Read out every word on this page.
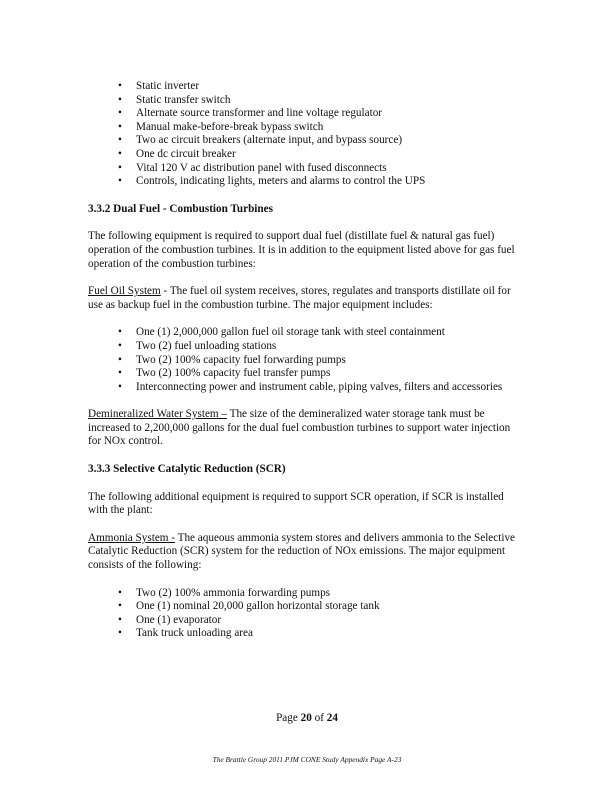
• Static inverter
• Static transfer switch
• Alternate source transformer and line voltage regulator
• Manual make-before-break bypass switch
• Two ac circuit breakers (alternate input, and bypass source)
• One dc circuit breaker
• Vital 120 V ac distribution panel with fused disconnects
• Controls, indicating lights, meters and alarms to control the UPS
3.3.2 Dual Fuel - Combustion Turbines

The following equipment is required to support dual fuel (distillate fuel & natural gas fuel)
operation of the combustion turbines. It is in addition to the equipment listed above for gas fuel
operation of the combustion turbines:

Fuel Oil System - The fuel oil system receives, stores, regulates and transports distillate oil for
use as backup fuel in the combustion turbine. The major equipment includes:

• One (1) 2,000,000 gallon fuel oil storage tank with steel containment
• Two (2) fuel unloading stations
• Two (2) 100% capacity fuel forwarding pumps
• Two (2) 100% capacity fuel transfer pumps
• Interconnecting power and instrument cable, piping valves, filters and accessories

Demineralized Water System – The size of the demineralized water storage tank must be
increased to 2,200,000 gallons for the dual fuel combustion turbines to support water injection
for NOx control.

3.3.3 Selective Catalytic Reduction (SCR)

The following additional equipment is required to support SCR operation, if SCR is installed
with the plant:

Ammonia System - The aqueous ammonia system stores and delivers ammonia to the Selective
Catalytic Reduction (SCR) system for the reduction of NOx emissions. The major equipment
consists of the following:

• Two (2) 100% ammonia forwarding pumps
• One (1) nominal 20,000 gallon horizontal storage tank
• One (1) evaporator
• Tank truck unloading area
Page 20 of 24
The Brattle Group 2011 PJM CONE Study Appendix Page A-23
